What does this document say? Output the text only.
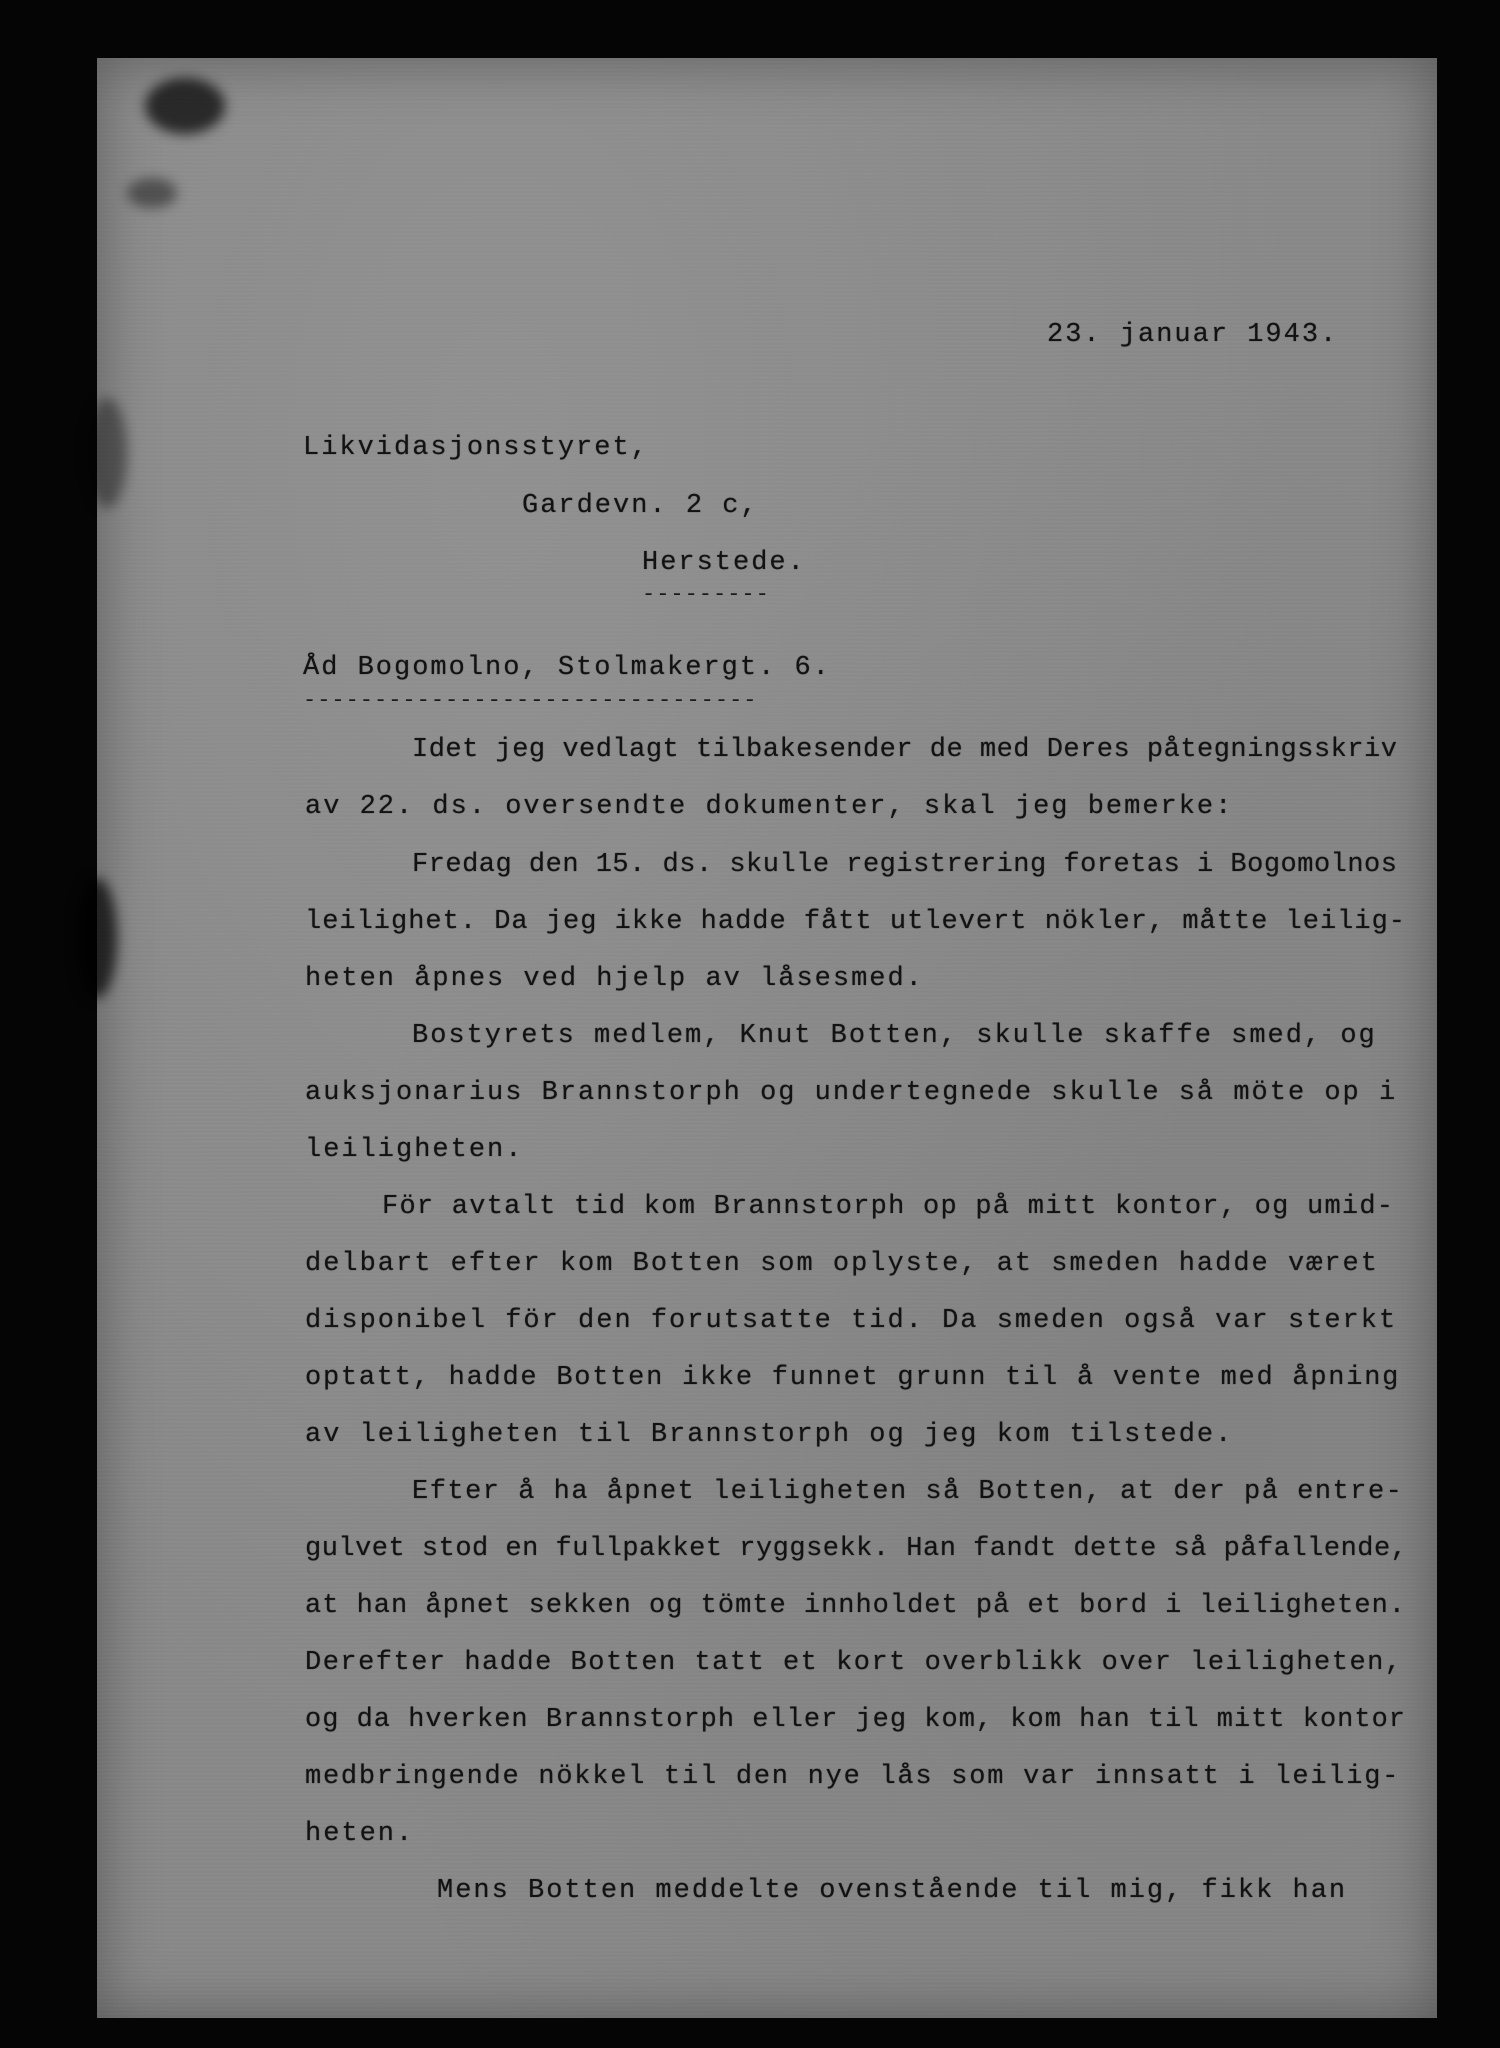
23. januar 1943.
Likvidasjonsstyret,
Gardevn. 2 c,
Herstede.
---------
Åd Bogomolno, Stolmakergt. 6.
--------------------------------
Idet jeg vedlagt tilbakesender de med Deres påtegningsskriv
av 22. ds. oversendte dokumenter, skal jeg bemerke:
Fredag den 15. ds. skulle registrering foretas i Bogomolnos
leilighet. Da jeg ikke hadde fått utlevert nökler, måtte leilig-
heten åpnes ved hjelp av låsesmed.
Bostyrets medlem, Knut Botten, skulle skaffe smed, og
auksjonarius Brannstorph og undertegnede skulle så möte op i
leiligheten.
För avtalt tid kom Brannstorph op på mitt kontor, og umid-
delbart efter kom Botten som oplyste, at smeden hadde været
disponibel för den forutsatte tid. Da smeden også var sterkt
optatt, hadde Botten ikke funnet grunn til å vente med åpning
av leiligheten til Brannstorph og jeg kom tilstede.
Efter å ha åpnet leiligheten så Botten, at der på entre-
gulvet stod en fullpakket ryggsekk. Han fandt dette så påfallende,
at han åpnet sekken og tömte innholdet på et bord i leiligheten.
Derefter hadde Botten tatt et kort overblikk over leiligheten,
og da hverken Brannstorph eller jeg kom, kom han til mitt kontor
medbringende nökkel til den nye lås som var innsatt i leilig-
heten.
Mens Botten meddelte ovenstående til mig, fikk han
